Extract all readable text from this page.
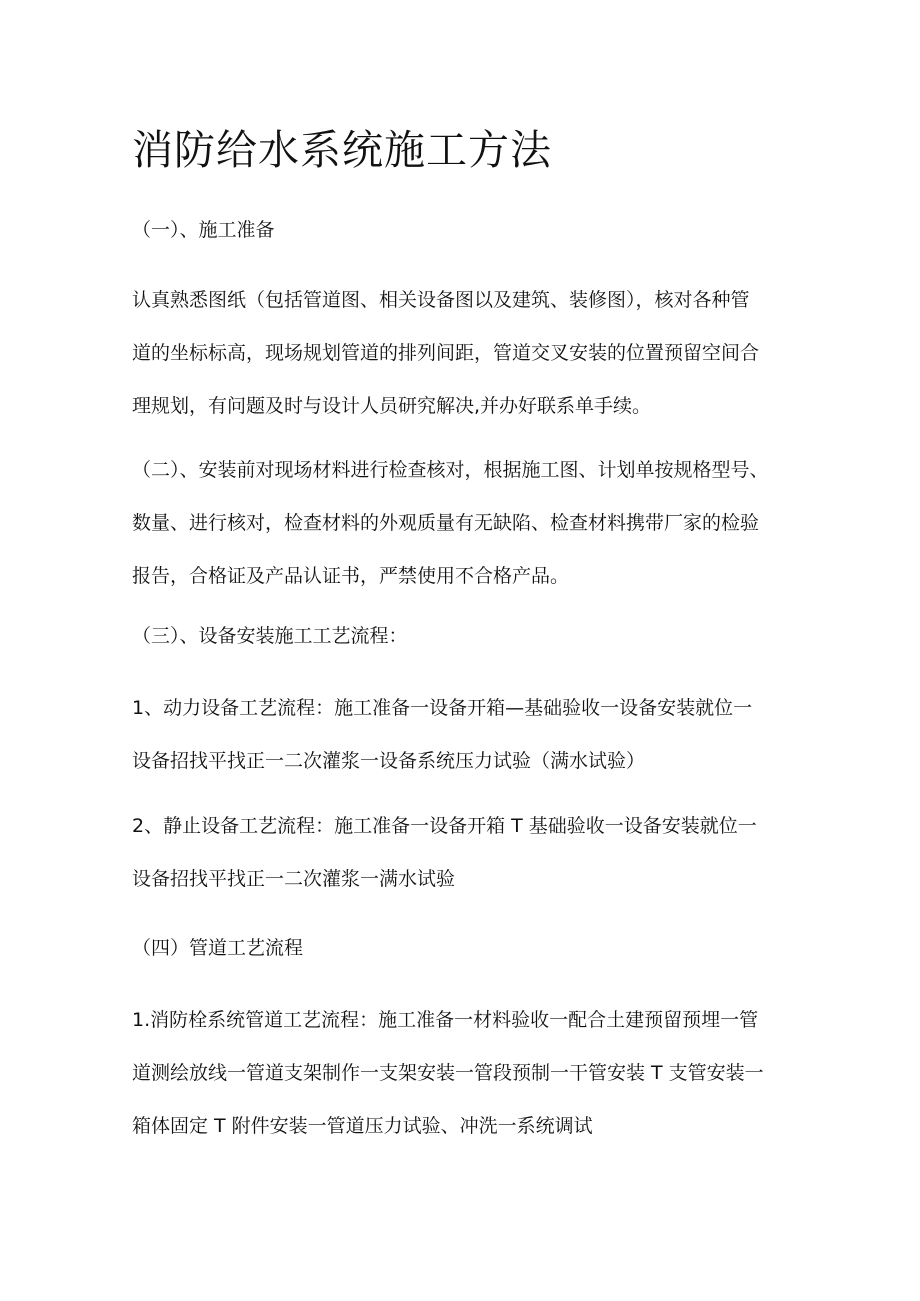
消防给水系统施工方法

（一）、施工准备

认真熟悉图纸（包括管道图、相关设备图以及建筑、装修图），核对各种管
道的坐标标高，现场规划管道的排列间距，管道交叉安装的位置预留空间合
理规划，有问题及时与设计人员研究解决,并办好联系单手续。

（二）、安装前对现场材料进行检查核对，根据施工图、计划单按规格型号、
数量、进行核对，检查材料的外观质量有无缺陷、检查材料携带厂家的检验
报告，合格证及产品认证书，严禁使用不合格产品。

（三）、设备安装施工工艺流程：

1、动力设备工艺流程：施工准备一设备开箱—基础验收一设备安装就位一
设备招找平找正一二次灌浆一设备系统压力试验（满水试验）

2、静止设备工艺流程：施工准备一设备开箱 T 基础验收一设备安装就位一
设备招找平找正一二次灌浆一满水试验

（四）管道工艺流程

1.消防栓系统管道工艺流程：施工准备一材料验收一配合土建预留预埋一管
道测绘放线一管道支架制作一支架安装一管段预制一干管安装 T 支管安装一
箱体固定 T 附件安装一管道压力试验、冲洗一系统调试
